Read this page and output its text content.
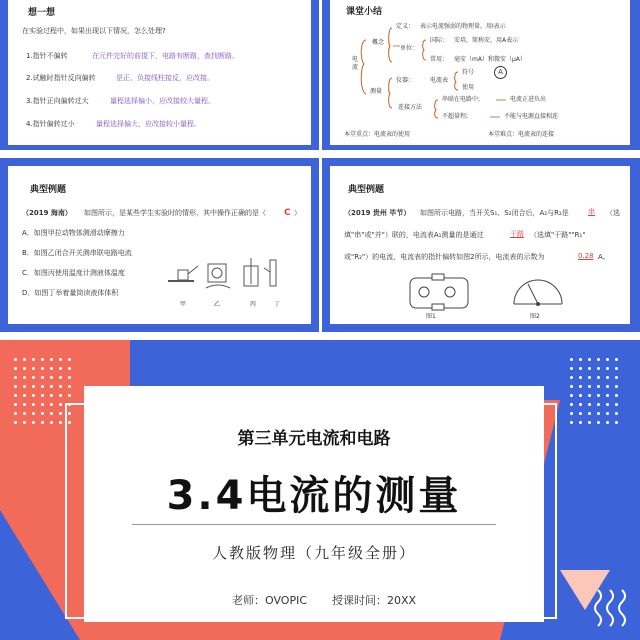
想一想
在实验过程中，如果出现以下情况，怎么处理?
1.指针不偏转	在元件完好的前提下，电路有断路，查找断路。
2.试触时指针反向偏转	是正、负接线柱接反，应改接。
3.指针正向偏转过大	量程选择偏小，应改接较大量程。
4.指针偏转过小	量程选择偏大，应改接较小量程。
课堂小结
电流
概念
定义： 表示电流强弱的物理量，用I表示
单位：
国际： 安培，简称安，用A表示
常用： 毫安（mA）和微安（μA）
测量
仪器：	电流表
符号	A
使用
连接方法
串联在电路中;	电流正进负出
不超量程;	不能与电源直接相连
本堂重点：电流表的使用	本堂难点：电流表的连接
典型例题
（2019 海南） 如图所示，是某些学生实验时的情形，其中操作正确的是（ C ）
A．如图甲拉动物体测滑动摩擦力
B．如图乙闭合开关测串联电路电流
C．如图丙使用温度计测液体温度
D．如图丁举着量筒读液体体积
甲	乙	丙	丁
典型例题
（2019 贵州 毕节） 如图所示电路，当开关S₁、S₂闭合后，A₂与R₂是	串 （选
填"串"或"并"）联的，电流表A₁测量的是通过	干路 （选填"干路""R₁"
或"R₂"）的电流，电流表的指针偏转如图2所示，电流表的示数为	0.28 A。
图1	图2
第三单元电流和电路
3.4电流的测量
人教版物理（九年级全册）
老师：OVOPIC 授课时间：20XX
